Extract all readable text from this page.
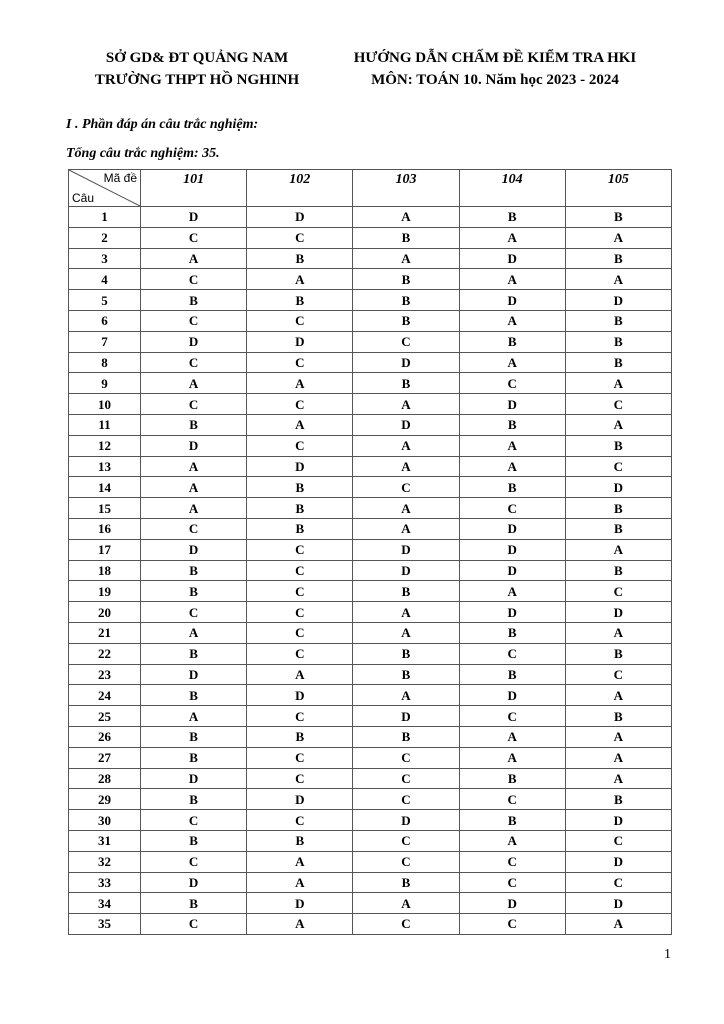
SỞ GD& ĐT QUẢNG NAM
TRƯỜNG THPT HỒ NGHINH
HƯỚNG DẪN CHẤM ĐỀ KIỂM TRA HKI
MÔN: TOÁN 10. Năm học 2023 - 2024
I . Phần đáp án câu trắc nghiệm:
Tổng câu trắc nghiệm: 35.
Mã đề
Câu	101	102	103	104	105
1	D	D	A	B	B
2	C	C	B	A	A
3	A	B	A	D	B
4	C	A	B	A	A
5	B	B	B	D	D
6	C	C	B	A	B
7	D	D	C	B	B
8	C	C	D	A	B
9	A	A	B	C	A
10	C	C	A	D	C
11	B	A	D	B	A
12	D	C	A	A	B
13	A	D	A	A	C
14	A	B	C	B	D
15	A	B	A	C	B
16	C	B	A	D	B
17	D	C	D	D	A
18	B	C	D	D	B
19	B	C	B	A	C
20	C	C	A	D	D
21	A	C	A	B	A
22	B	C	B	C	B
23	D	A	B	B	C
24	B	D	A	D	A
25	A	C	D	C	B
26	B	B	B	A	A
27	B	C	C	A	A
28	D	C	C	B	A
29	B	D	C	C	B
30	C	C	D	B	D
31	B	B	C	A	C
32	C	A	C	C	D
33	D	A	B	C	C
34	B	D	A	D	D
35	C	A	C	C	A
1
